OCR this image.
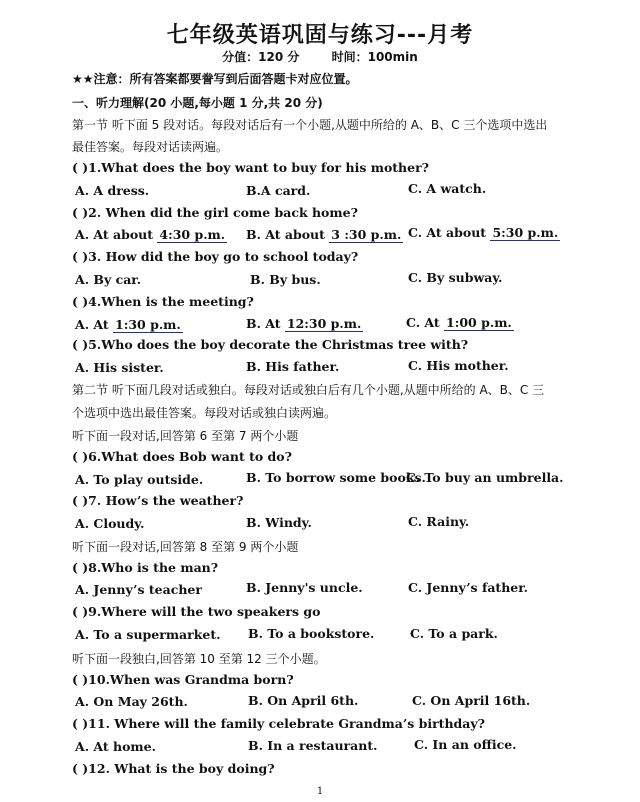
七年级英语巩固与练习---月考
分值：120 分	时间：100min
★★注意：所有答案都要誊写到后面答题卡对应位置。
一、听力理解(20 小题,每小题 1 分,共 20 分)
第一节 听下面 5 段对话。每段对话后有一个小题,从题中所给的 A、B、C 三个选项中选出
最佳答案。每段对话读两遍。
( )1.What does the boy want to buy for his mother?
A. A dress.	B.A card.	C. A watch.
( )2. When did the girl come back home?
A. At about 4:30 p.m. B. At about 3 :30 p.m. C. At about 5:30 p.m.
( )3. How did the boy go to school today?
A. By car.	B. By bus.	C. By subway.
( )4.When is the meeting?
A. At 1:30 p.m.	B. At 12:30 p.m.	C. At 1:00 p.m.
( )5.Who does the boy decorate the Christmas tree with?
A. His sister.	B. His father.	C. His mother.
第二节 听下面几段对话或独白。每段对话或独白后有几个小题,从题中所给的 A、B、C 三
个选项中选出最佳答案。每段对话或独白读两遍。
听下面一段对话,回答第 6 至第 7 两个小题
( )6.What does Bob want to do?
A. To play outside.	B. To borrow some books.
C. To buy an umbrella.
( )7. How’s the weather?
A. Cloudy.	B. Windy.	C. Rainy.
听下面一段对话,回答第 8 至第 9 两个小题
( )8.Who is the man?
A. Jenny’s teacher	B. Jenny's uncle.	C. Jenny’s father.
( )9.Where will the two speakers go
A. To a supermarket. B. To a bookstore.	C. To a park.
听下面一段独白,回答第 10 至第 12 三个小题。
( )10.When was Grandma born?
A. On May 26th.	B. On April 6th.	C. On April 16th.
( )11. Where will the family celebrate Grandma’s birthday?
A. At home.	B. In a restaurant.	C. In an office.
( )12. What is the boy doing?
1
